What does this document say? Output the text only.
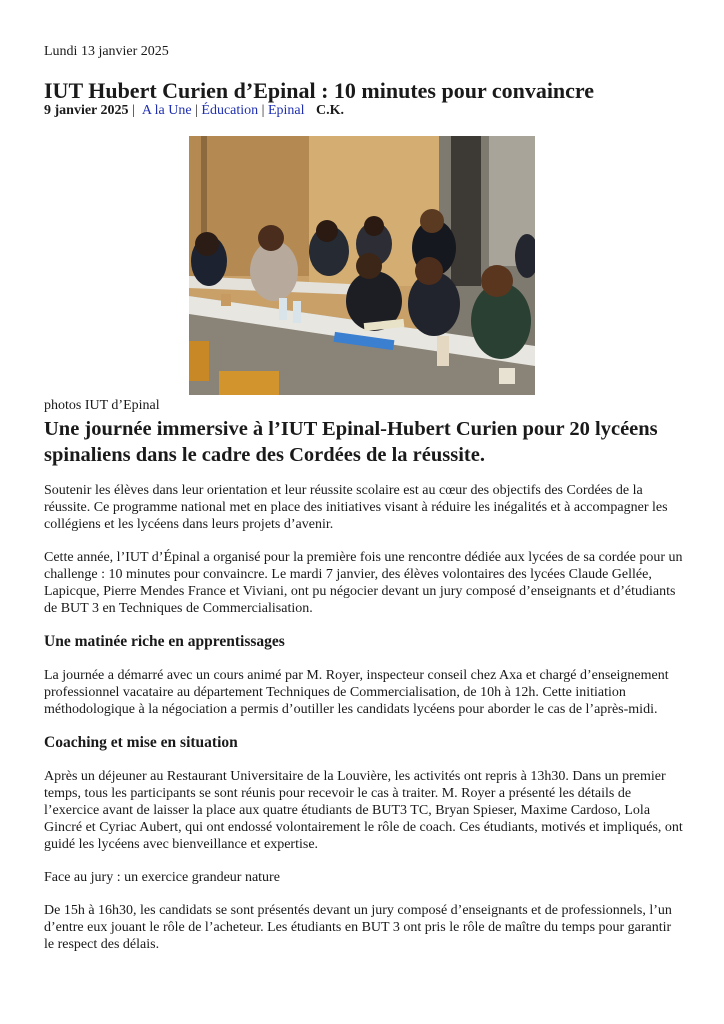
Lundi 13 janvier 2025
IUT Hubert Curien d’Epinal : 10 minutes pour convaincre
9 janvier 2025 | A la Une | Éducation | Epinal C.K.
photos IUT d’Epinal
Une journée immersive à l’IUT Epinal-Hubert Curien pour 20 lycéens spinaliens dans le cadre des Cordées de la réussite.

Soutenir les élèves dans leur orientation et leur réussite scolaire est au cœur des objectifs des Cordées de la réussite. Ce programme national met en place des initiatives visant à réduire les inégalités et à accompagner les collégiens et les lycéens dans leurs projets d’avenir.

Cette année, l’IUT d’Épinal a organisé pour la première fois une rencontre dédiée aux lycées de sa cordée pour un challenge : 10 minutes pour convaincre. Le mardi 7 janvier, des élèves volontaires des lycées Claude Gellée, Lapicque, Pierre Mendes France et Viviani, ont pu négocier devant un jury composé d’enseignants et d’étudiants de BUT 3 en Techniques de Commercialisation.

Une matinée riche en apprentissages

La journée a démarré avec un cours animé par M. Royer, inspecteur conseil chez Axa et chargé d’enseignement professionnel vacataire au département Techniques de Commercialisation, de 10h à 12h. Cette initiation méthodologique à la négociation a permis d’outiller les candidats lycéens pour aborder le cas de l’après-midi.

Coaching et mise en situation

Après un déjeuner au Restaurant Universitaire de la Louvière, les activités ont repris à 13h30. Dans un premier temps, tous les participants se sont réunis pour recevoir le cas à traiter. M. Royer a présenté les détails de l’exercice avant de laisser la place aux quatre étudiants de BUT3 TC, Bryan Spieser, Maxime Cardoso, Lola Gincré et Cyriac Aubert, qui ont endossé volontairement le rôle de coach. Ces étudiants, motivés et impliqués, ont guidé les lycéens avec bienveillance et expertise.

Face au jury : un exercice grandeur nature

De 15h à 16h30, les candidats se sont présentés devant un jury composé d’enseignants et de professionnels, l’un d’entre eux jouant le rôle de l’acheteur. Les étudiants en BUT 3 ont pris le rôle de maître du temps pour garantir le respect des délais.
